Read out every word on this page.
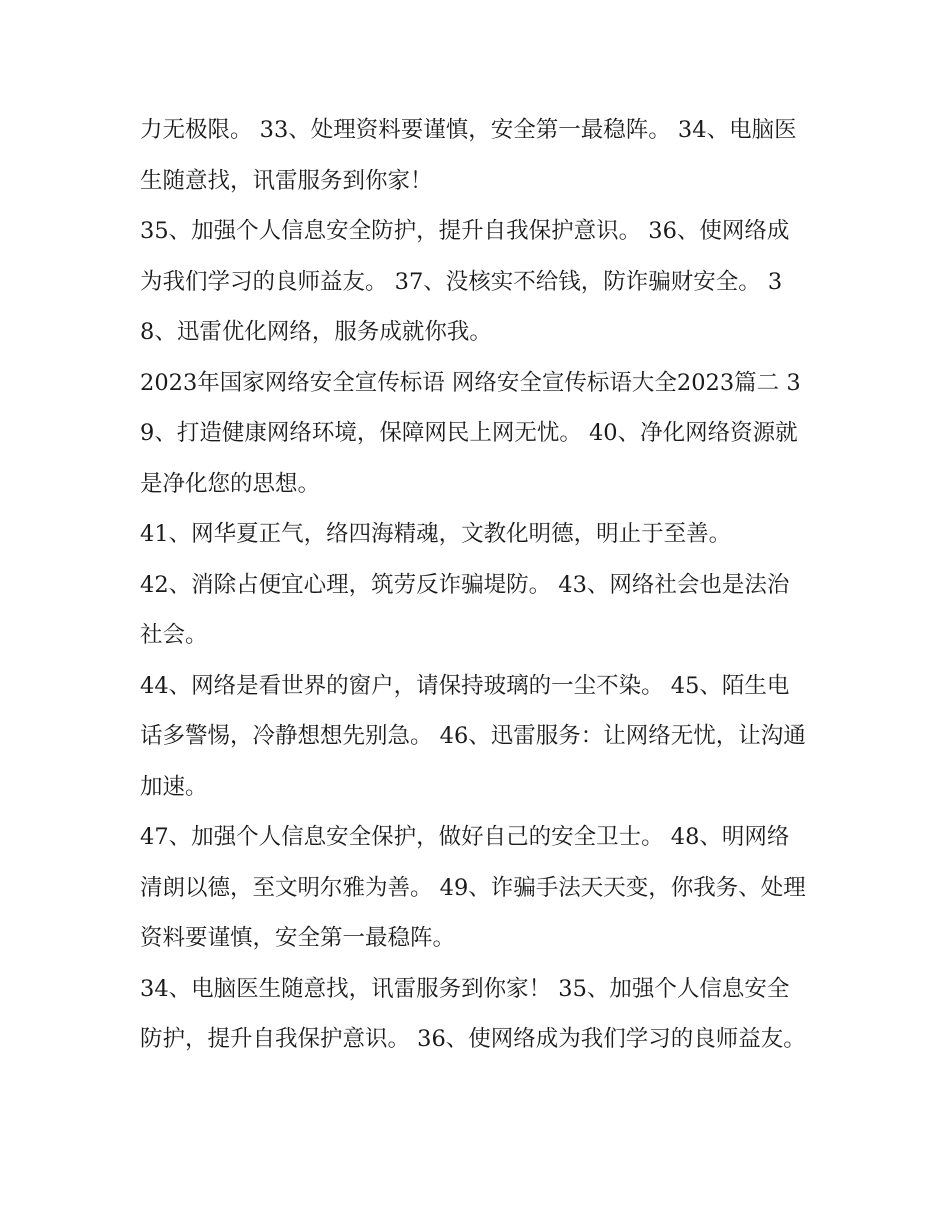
力无极限。 33、处理资料要谨慎，安全第一最稳阵。 34、电脑医生随意找，讯雷服务到你家！

35、加强个人信息安全防护，提升自我保护意识。 36、使网络成为我们学习的良师益友。 37、没核实不给钱，防诈骗财安全。 38、迅雷优化网络，服务成就你我。

2023年国家网络安全宣传标语 网络安全宣传标语大全2023篇二 39、打造健康网络环境，保障网民上网无忧。 40、净化网络资源就是净化您的思想。

41、网华夏正气，络四海精魂，文教化明德，明止于至善。

42、消除占便宜心理，筑劳反诈骗堤防。 43、网络社会也是法治社会。

44、网络是看世界的窗户，请保持玻璃的一尘不染。 45、陌生电话多警惕，冷静想想先别急。 46、迅雷服务：让网络无忧，让沟通加速。

47、加强个人信息安全保护，做好自己的安全卫士。 48、明网络清朗以德，至文明尔雅为善。 49、诈骗手法天天变，你我务、处理资料要谨慎，安全第一最稳阵。

34、电脑医生随意找，讯雷服务到你家！ 35、加强个人信息安全防护，提升自我保护意识。 36、使网络成为我们学习的良师益友。
